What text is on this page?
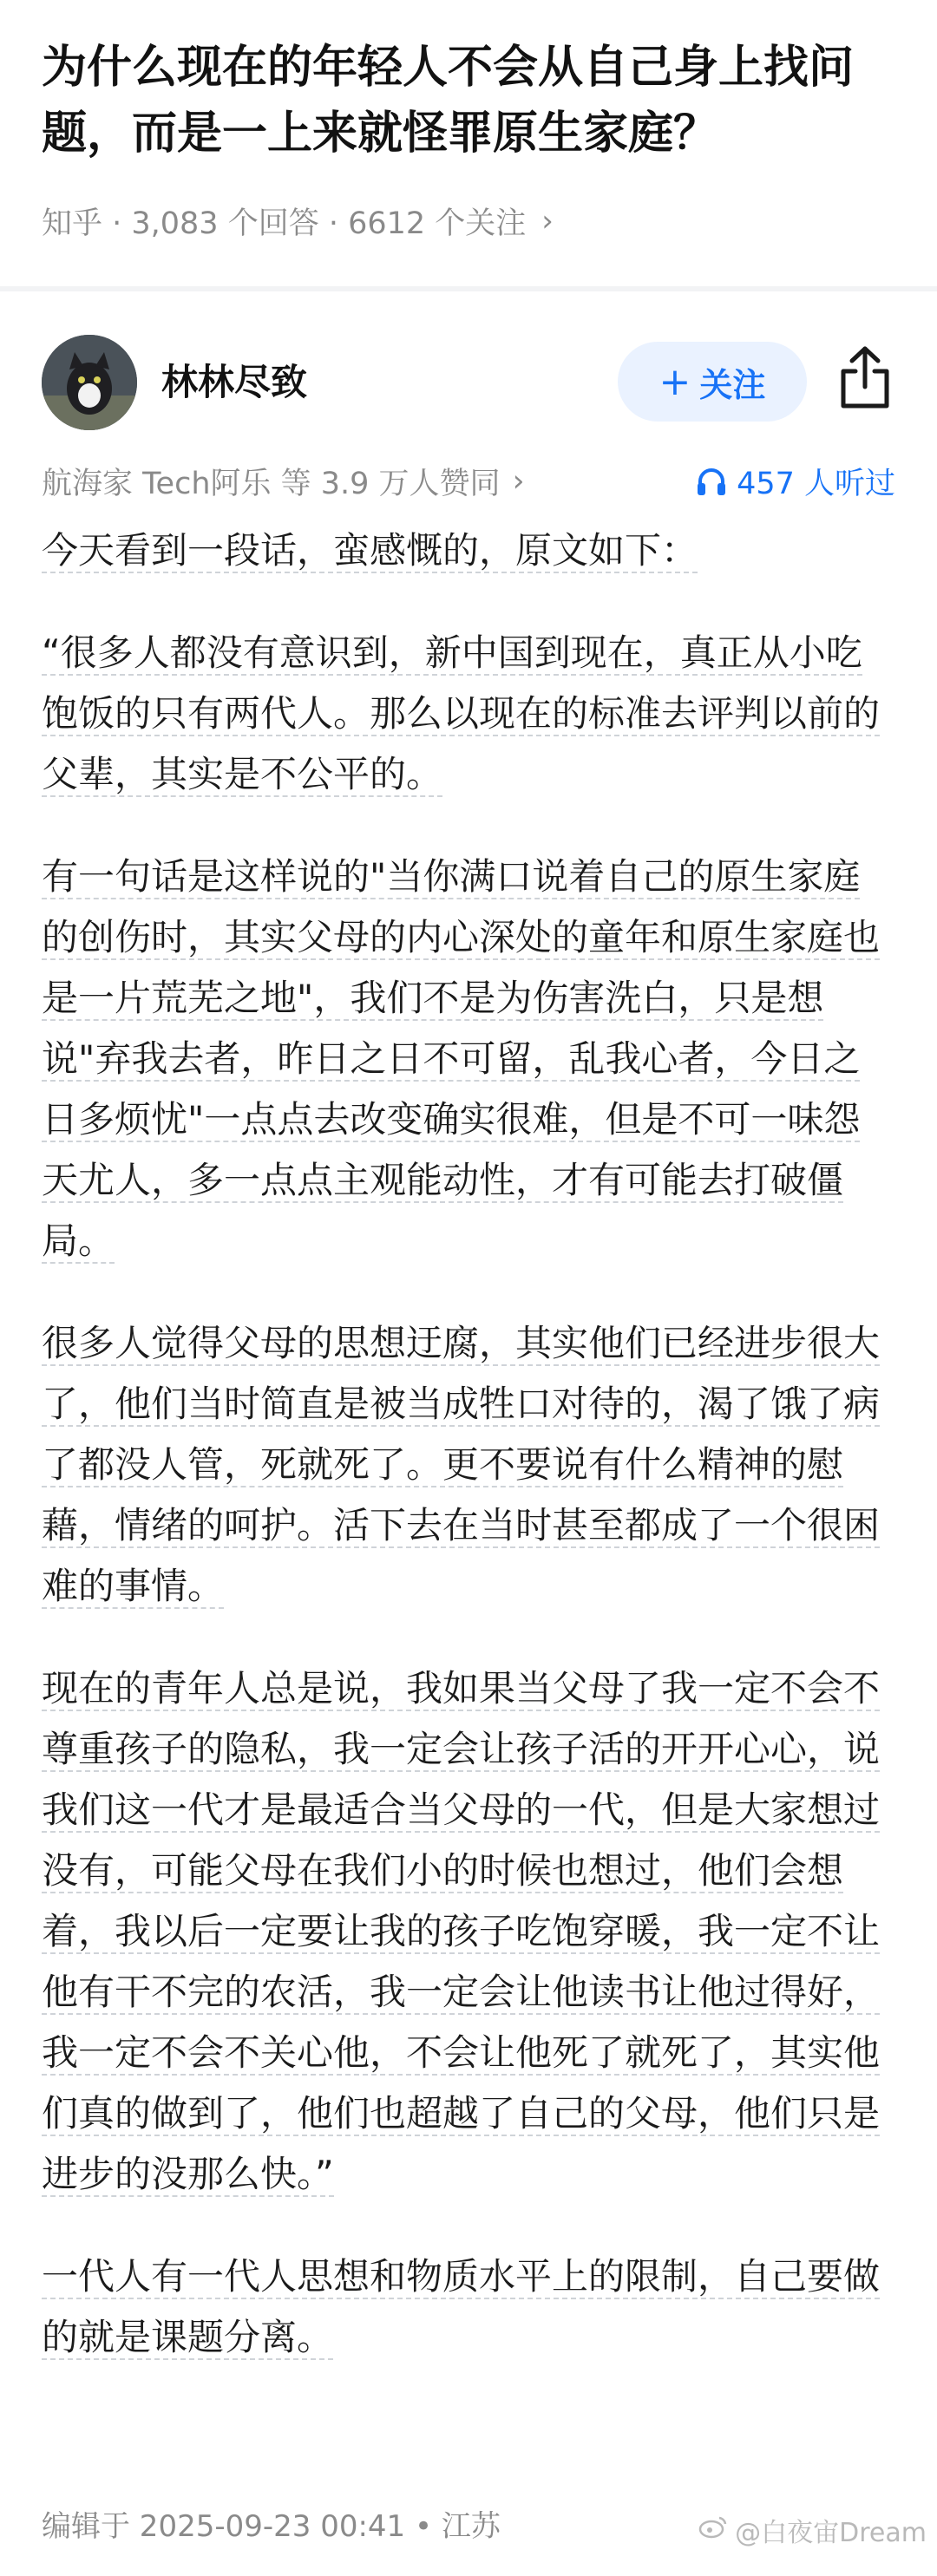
为什么现在的年轻人不会从自己身上找问题，而是一上来就怪罪原生家庭？
知乎 · 3,083 个回答 · 6612 个关注 ›
林林尽致	+ 关注
航海家 Tech阿乐 等 3.9 万人赞同 ›	457 人听过

今天看到一段话，蛮感慨的，原文如下：

“很多人都没有意识到，新中国到现在，真正从小吃饱饭的只有两代人。那么以现在的标准去评判以前的父辈，其实是不公平的。

有一句话是这样说的"当你满口说着自己的原生家庭的创伤时，其实父母的内心深处的童年和原生家庭也是一片荒芜之地"，我们不是为伤害洗白，只是想说"弃我去者，昨日之日不可留，乱我心者，今日之日多烦忧"一点点去改变确实很难，但是不可一味怨天尤人，多一点点主观能动性，才有可能去打破僵局。

很多人觉得父母的思想迂腐，其实他们已经进步很大了，他们当时简直是被当成牲口对待的，渴了饿了病了都没人管，死就死了。更不要说有什么精神的慰藉，情绪的呵护。活下去在当时甚至都成了一个很困难的事情。

现在的青年人总是说，我如果当父母了我一定不会不尊重孩子的隐私，我一定会让孩子活的开开心心，说我们这一代才是最适合当父母的一代，但是大家想过没有，可能父母在我们小的时候也想过，他们会想着，我以后一定要让我的孩子吃饱穿暖，我一定不让他有干不完的农活，我一定会让他读书让他过得好，我一定不会不关心他，不会让他死了就死了，其实他们真的做到了，他们也超越了自己的父母，他们只是进步的没那么快。”

一代人有一代人思想和物质水平上的限制，自己要做的就是课题分离。

编辑于 2025-09-23 00:41 • 江苏	@白夜宙Dream
